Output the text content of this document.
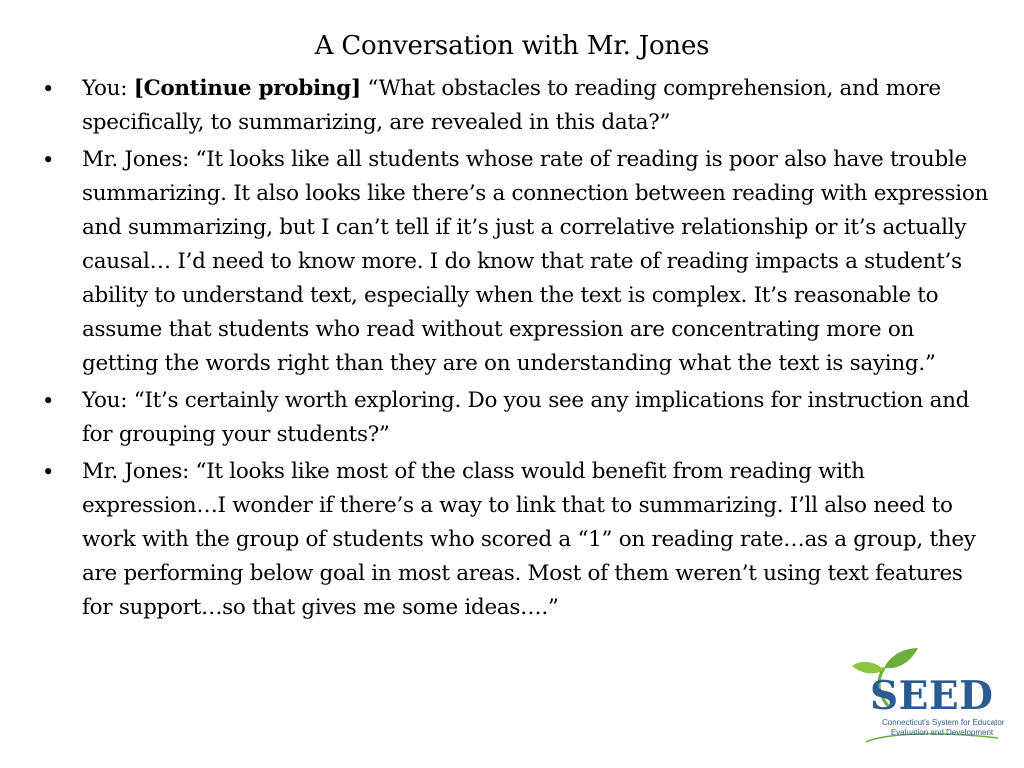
A Conversation with Mr. Jones
• You: [Continue probing] “What obstacles to reading comprehension, and more specifically, to summarizing, are revealed in this data?”
• Mr. Jones: “It looks like all students whose rate of reading is poor also have trouble summarizing. It also looks like there’s a connection between reading with expression and summarizing, but I can’t tell if it’s just a correlative relationship or it’s actually causal… I’d need to know more. I do know that rate of reading impacts a student’s ability to understand text, especially when the text is complex. It’s reasonable to assume that students who read without expression are concentrating more on getting the words right than they are on understanding what the text is saying.”
• You: “It’s certainly worth exploring. Do you see any implications for instruction and for grouping your students?”
• Mr. Jones: “It looks like most of the class would benefit from reading with expression…I wonder if there’s a way to link that to summarizing. I’ll also need to work with the group of students who scored a “1” on reading rate…as a group, they are performing below goal in most areas. Most of them weren’t using text features for support…so that gives me some ideas….”
SEED
Connecticut's System for Educator
Evaluation and Development
